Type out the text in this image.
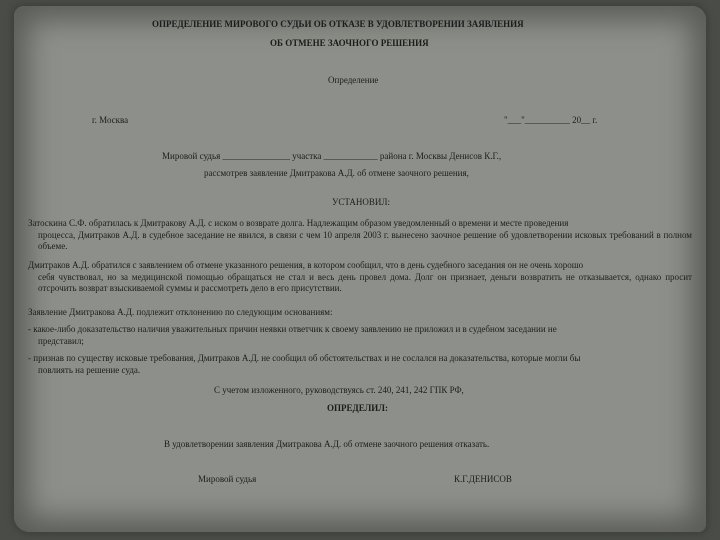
ОПРЕДЕЛЕНИЕ МИРОВОГО СУДЬИ ОБ ОТКАЗЕ В УДОВЛЕТВОРЕНИИ ЗАЯВЛЕНИЯ
ОБ ОТМЕНЕ ЗАОЧНОГО РЕШЕНИЯ
Определение
г. Москва	"___"__________ 20__ г.
Мировой судья _______________ участка ____________ района г. Москвы Денисов К.Г.,
рассмотрев заявление Дмитракова А.Д. об отмене заочного решения,
УСТАНОВИЛ:
Затоскина С.Ф. обратилась к Дмитракову А.Д. с иском о возврате долга. Надлежащим образом уведомленный о времени и месте проведения
процесса, Дмитраков А.Д. в судебное заседание не явился, в связи с чем 10 апреля 2003 г. вынесено заочное решение об удовлетворении исковых требований в полном объеме.
Дмитраков А.Д. обратился с заявлением об отмене указанного решения, в котором сообщил, что в день судебного заседания он не очень хорошо
себя чувствовал, но за медицинской помощью обращаться не стал и весь день провел дома. Долг он признает, деньги возвратить не отказывается, однако просит отсрочить возврат взыскиваемой суммы и рассмотреть дело в его присутствии.
Заявление Дмитракова А.Д. подлежит отклонению по следующим основаниям:
- какое-либо доказательство наличия уважительных причин неявки ответчик к своему заявлению не приложил и в судебном заседании не
представил;
- признав по существу исковые требования, Дмитраков А.Д. не сообщил об обстоятельствах и не сослался на доказательства, которые могли бы
повлиять на решение суда.
С учетом изложенного, руководствуясь ст. 240, 241, 242 ГПК РФ,
ОПРЕДЕЛИЛ:
В удовлетворении заявления Дмитракова А.Д. об отмене заочного решения отказать.
Мировой судья	К.Г.ДЕНИСОВ
